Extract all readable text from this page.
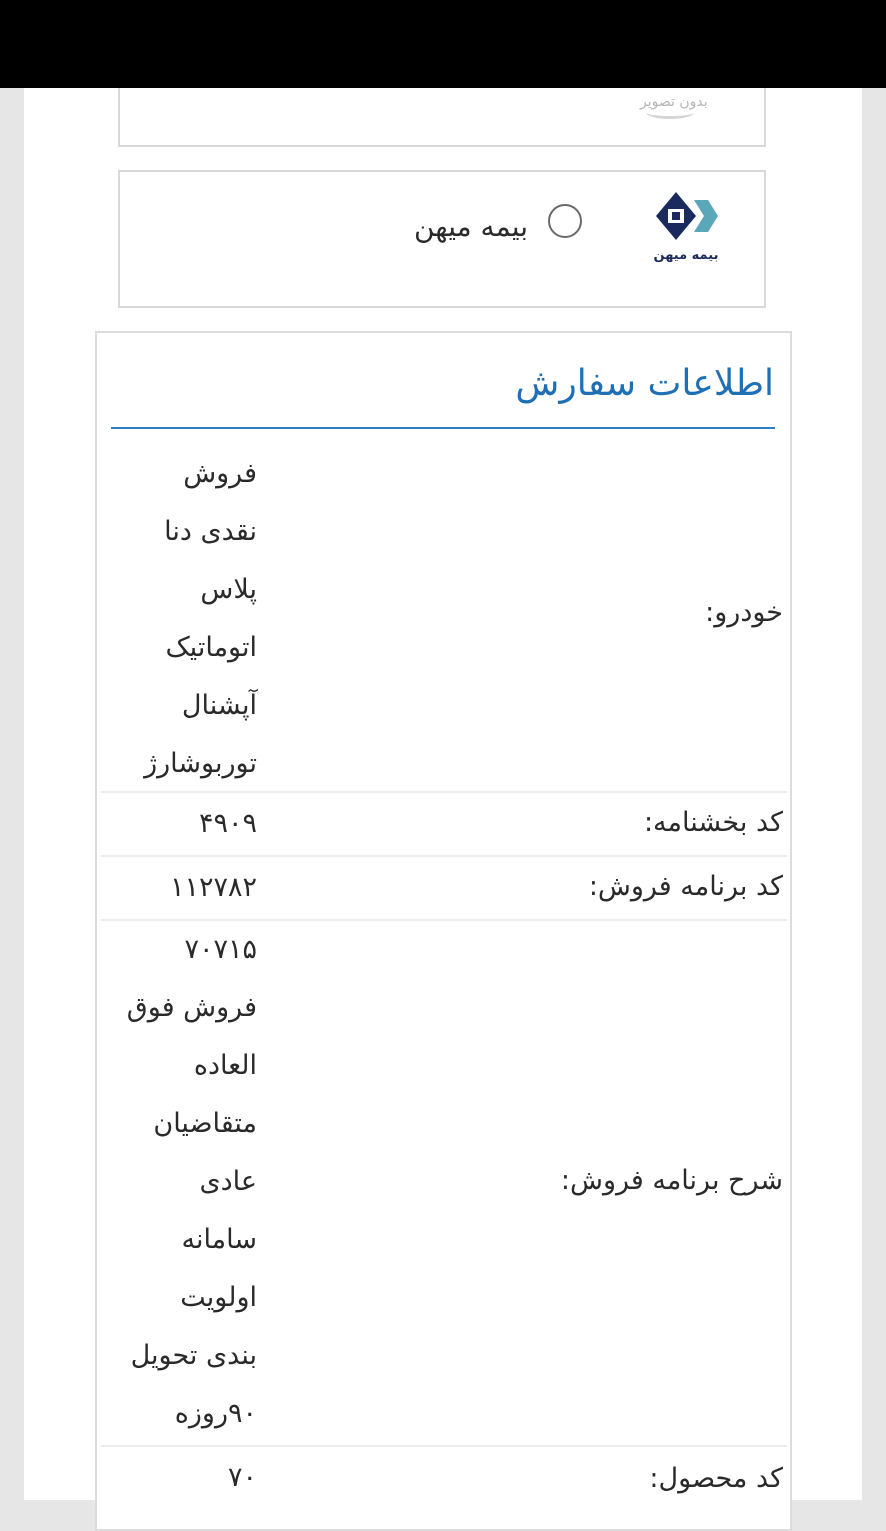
بدون تصویر
بیمه میهن
بیمه میهن
اطلاعات سفارش
خودرو:
فروش
نقدی دنا
پلاس
اتوماتیک
آپشنال
توربوشارژ
کد بخشنامه:
۴۹۰۹
کد برنامه فروش:
۱۱۲۷۸۲
شرح برنامه فروش:
۷۰۷۱۵
فروش فوق
العاده
متقاضیان
عادی
سامانه
اولویت
بندی تحویل
۹۰روزه
کد محصول:
۷۰
